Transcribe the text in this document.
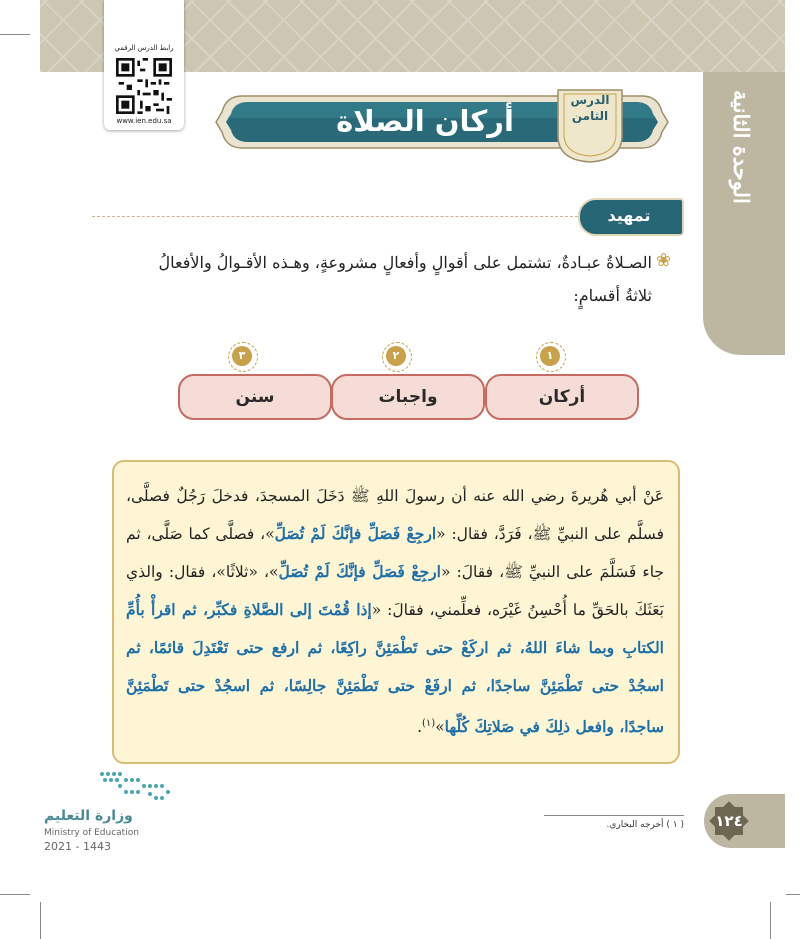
الوحدة الثانية
رابط الدرس الرقمي
www.ien.edu.sa
الدرس
الثامن
أركان الصلاة
تمهيد
❀
الصـلاةُ عبـادةٌ، تشتمل على أقوالٍ وأفعالٍ مشروعةٍ، وهـذه الأقـوالُ والأفعالُ
ثلاثةُ أقسامٍ:
١
أركان
٢
واجبات
٣
سنن
عَنْ أبي هُريرةَ رضي الله عنه أن رسولَ اللهِ ﷺ دَخَلَ المسجدَ، فدخلَ رَجُلٌ فصلَّى، فسلَّم على النبيِّ ﷺ، فَرَدَّ، فقال: «ارجِعْ فَصَلِّ فإنَّكَ لَمْ تُصَلِّ»، فصلَّى كما صَلَّى، ثم جاء فَسَلَّمَ على النبيِّ ﷺ، فقالَ: «ارجِعْ فَصَلِّ فإنَّكَ لَمْ تُصَلِّ»، «ثلاثًا»، فقال: والذي بَعَثَكَ بالحَقِّ ما أُحْسِنُ غَيْرَه، فعلِّمني، فقالَ: «إذا قُمْتَ إلى الصَّلاةِ فكبِّر، ثم اقرأْ بأُمِّ الكتابِ وبما شاءَ اللهُ، ثم اركَعْ حتى تَطْمَئِنَّ راكِعًا، ثم ارفع حتى تَعْتَدِلَ قائمًا، ثم اسجُدْ حتى تَطْمَئِنَّ ساجدًا، ثم ارفَعْ حتى تَطْمَئِنَّ جالِسًا، ثم اسجُدْ حتى تَطْمَئِنَّ ساجدًا، وافعل ذلِكَ في صَلاتِكَ كُلِّها»$^{(١)}$.
وزارة التعليم
Ministry of Education
2021 - 1443
( ١ ) أخرجه البخاري.	١٢٤
